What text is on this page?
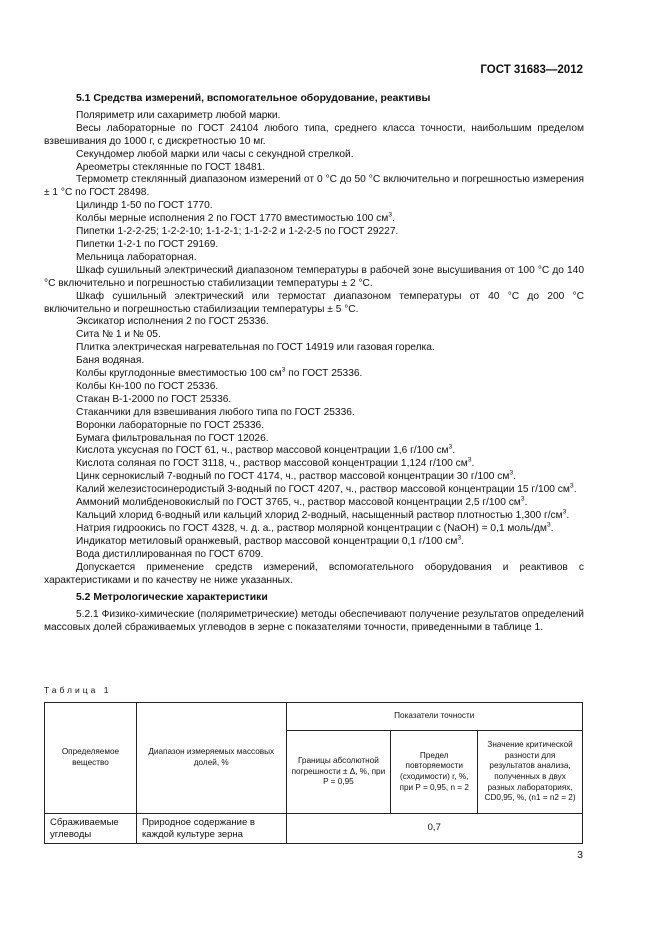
ГОСТ 31683—2012
5.1 Средства измерений, вспомогательное оборудование, реактивы

Поляриметр или сахариметр любой марки.

Весы лабораторные по ГОСТ 24104 любого типа, среднего класса точности, наибольшим пределом взвешивания до 1000 г, с дискретностью 10 мг.

Секундомер любой марки или часы с секундной стрелкой.

Ареометры стеклянные по ГОСТ 18481.

Термометр стеклянный диапазоном измерений от 0 °С до 50 °С включительно и погрешностью измерения ± 1 °С по ГОСТ 28498.

Цилиндр 1-50 по ГОСТ 1770.

Колбы мерные исполнения 2 по ГОСТ 1770 вместимостью 100 $см^3$.

Пипетки 1-2-2-25; 1-2-2-10; 1-1-2-1; 1-1-2-2 и 1-2-2-5 по ГОСТ 29227.

Пипетки 1-2-1 по ГОСТ 29169.

Мельница лабораторная.

Шкаф сушильный электрический диапазоном температуры в рабочей зоне высушивания от 100 °С до 140 °С включительно и погрешностью стабилизации температуры ± 2 °С.

Шкаф сушильный электрический или термостат диапазоном температуры от 40 °С до 200 °С включительно и погрешностью стабилизации температуры ± 5 °С.

Эксикатор исполнения 2 по ГОСТ 25336.

Сита № 1 и № 05.

Плитка электрическая нагревательная по ГОСТ 14919 или газовая горелка.

Баня водяная.

Колбы круглодонные вместимостью 100 $см^3$ по ГОСТ 25336.

Колбы Кн-100 по ГОСТ 25336.

Стакан В-1-2000 по ГОСТ 25336.

Стаканчики для взвешивания любого типа по ГОСТ 25336.

Воронки лабораторные по ГОСТ 25336.

Бумага фильтровальная по ГОСТ 12026.

Кислота уксусная по ГОСТ 61, ч., раствор массовой концентрации 1,6 г/100 $см^3$.

Кислота соляная по ГОСТ 3118, ч., раствор массовой концентрации 1,124 г/100 $см^3$.

Цинк сернокислый 7-водный по ГОСТ 4174, ч., раствор массовой концентрации 30 г/100 $см^3$.

Калий железистосинеродистый 3-водный по ГОСТ 4207, ч., раствор массовой концентрации 15 г/100 $см^3$.

Аммоний молибденовокислый по ГОСТ 3765, ч., раствор массовой концентрации 2,5 г/100 $см^3$.

Кальций хлорид 6-водный или кальций хлорид 2-водный, насыщенный раствор плотностью 1,300 $г/см^3$.

Натрия гидроокись по ГОСТ 4328, ч. д. а., раствор молярной концентрации c (NaOH) = 0,1 моль/$дм^3$.

Индикатор метиловый оранжевый, раствор массовой концентрации 0,1 г/100 $см^3$.

Вода дистиллированная по ГОСТ 6709.

Допускается применение средств измерений, вспомогательного оборудования и реактивов с характеристиками и по качеству не ниже указанных.

5.2 Метрологические характеристики

5.2.1 Физико-химические (поляриметрические) методы обеспечивают получение результатов определений массовых долей сбраживаемых углеводов в зерне с показателями точности, приведенными в таблице 1.

Таблица 1
Определяемое вещество	Диапазон измеряемых массовых долей, %	Показатели точности		
		Границы абсолютной погрешности ± Δ, %, при P = 0,95	Предел повторяемости (сходимости) r, %, при P = 0,95, n = 2	Значение критической разности для результатов анализа, полученных в двух разных лабораториях, CD0,95, %, (n1 = n2 = 2)
Сбраживаемые углеводы	Природное содержание в каждой культуре зерна	0,7		
3
